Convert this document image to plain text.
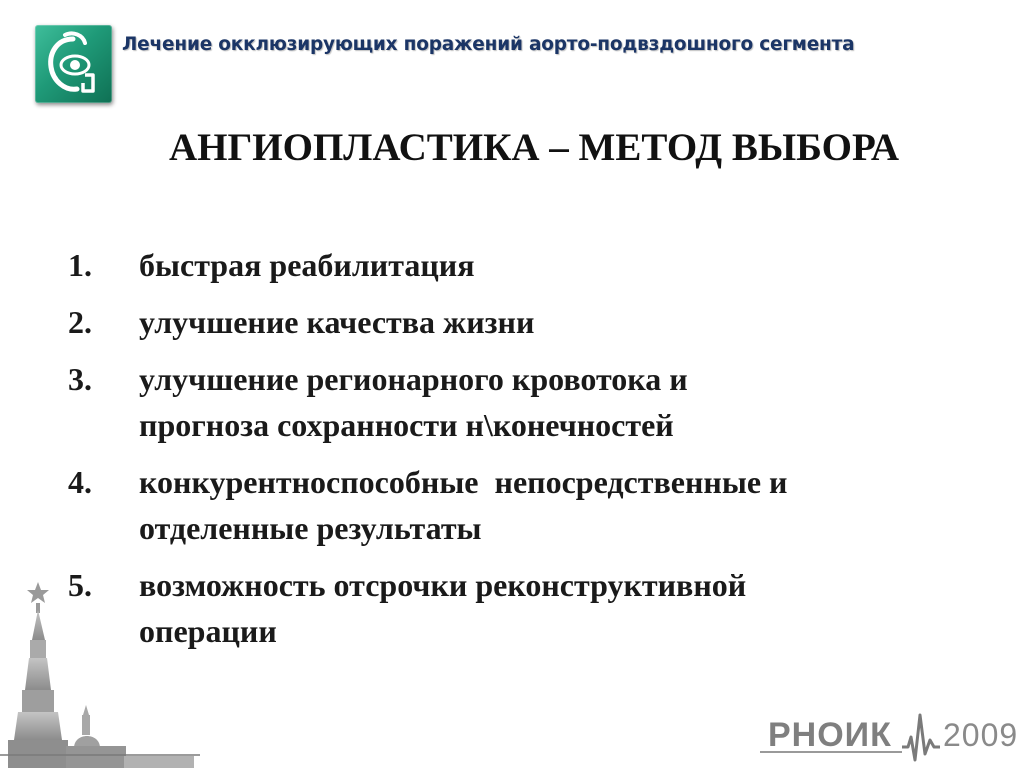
Лечение окклюзирующих поражений аорто-подвздошного сегмента
АНГИОПЛАСТИКА – МЕТОД ВЫБОРА
1. быстрая реабилитация
2. улучшение качества жизни
3. улучшение регионарного кровотока и
прогноза сохранности н\конечностей
4. конкурентноспособные  непосредственные и
отделенные результаты
5. возможность отсрочки реконструктивной
операции
РНОИК 2009
